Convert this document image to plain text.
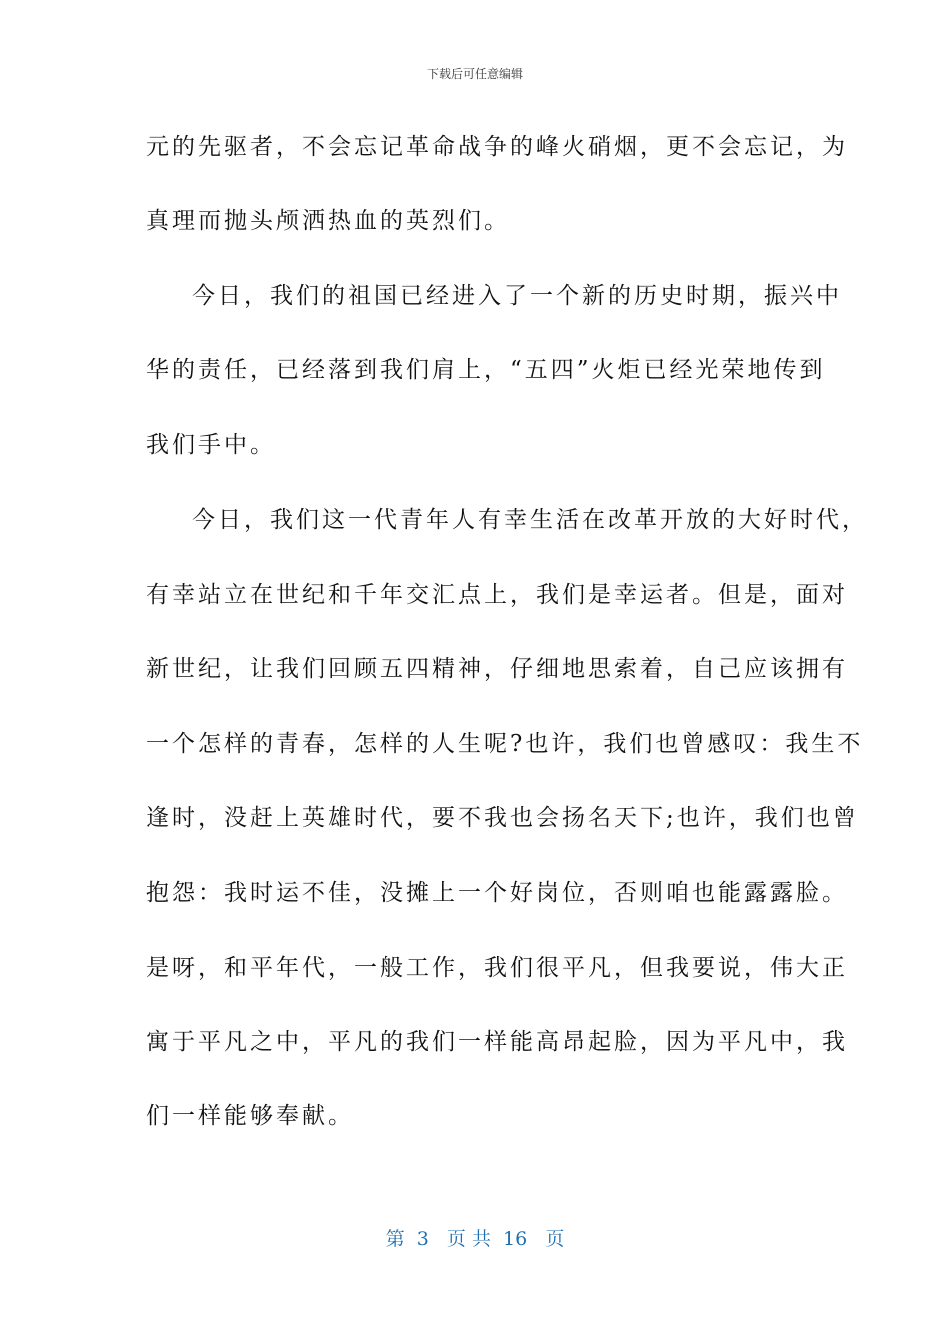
下载后可任意编辑
元的先驱者，不会忘记革命战争的峰火硝烟，更不会忘记，为
真理而抛头颅洒热血的英烈们。
今日，我们的祖国已经进入了一个新的历史时期，振兴中
华的责任，已经落到我们肩上，“五四”火炬已经光荣地传到
我们手中。
今日，我们这一代青年人有幸生活在改革开放的大好时代，
有幸站立在世纪和千年交汇点上，我们是幸运者。但是，面对
新世纪，让我们回顾五四精神，仔细地思索着，自己应该拥有
一个怎样的青春，怎样的人生呢?也许，我们也曾感叹：我生不
逢时，没赶上英雄时代，要不我也会扬名天下;也许，我们也曾
抱怨：我时运不佳，没摊上一个好岗位，否则咱也能露露脸。
是呀，和平年代，一般工作，我们很平凡，但我要说，伟大正
寓于平凡之中，平凡的我们一样能高昂起脸，因为平凡中，我
们一样能够奉献。
第  3   页 共  16   页
